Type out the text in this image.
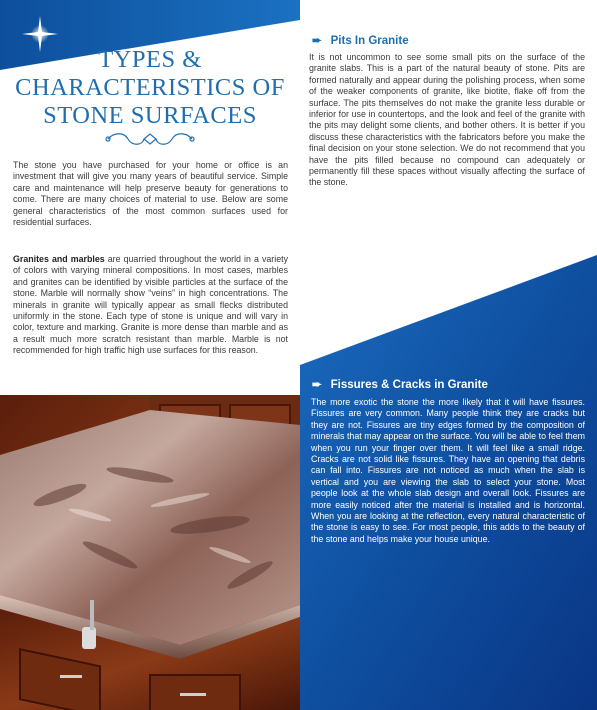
TYPES & CHARACTERISTICS OF STONE SURFACES

The stone you have purchased for your home or office is an investment that will give you many years of beautiful service. Simple care and maintenance will help preserve beauty for generations to come. There are many choices of material to use. Below are some general characteristics of the most common surfaces used for residential surfaces.

Granites and marbles are quarried throughout the world in a variety of colors with varying mineral compositions. In most cases, marbles and granites can be identified by visible particles at the surface of the stone. Marble will normally show “veins” in high concentrations. The minerals in granite will typically appear as small flecks distributed uniformly in the stone. Each type of stone is unique and will vary in color, texture and marking. Granite is more dense than marble and as a result much more scratch resistant than marble. Marble is not recommended for high traffic high use surfaces for this reason.

➨ Pits In Granite

It is not uncommon to see some small pits on the surface of the granite slabs. This is a part of the natural beauty of stone. Pits are formed naturally and appear during the polishing process, when some of the weaker components of granite, like biotite, flake off from the surface. The pits themselves do not make the granite less durable or inferior for use in countertops, and the look and feel of the granite with the pits may delight some clients, and bother others. It is better if you discuss these characteristics with the fabricators before you make the final decision on your stone selection. We do not recommend that you have the pits filled because no compound can adequately or permanently fill these spaces without visually affecting the surface of the stone.

➨ Fissures & Cracks in Granite

The more exotic the stone the more likely that it will have fissures. Fissures are very common. Many people think they are cracks but they are not. Fissures are tiny edges formed by the composition of minerals that may appear on the surface. You will be able to feel them when you run your finger over them. It will feel like a small ridge. Cracks are not solid like fissures. They have an opening that debris can fall into. Fissures are not noticed as much when the slab is vertical and you are viewing the slab to select your stone. Most people look at the whole slab design and overall look. Fissures are more easily noticed after the material is installed and is horizontal. When you are looking at the reflection, every natural characteristic of the stone is easy to see. For most people, this adds to the beauty of the stone and helps make your house unique.
